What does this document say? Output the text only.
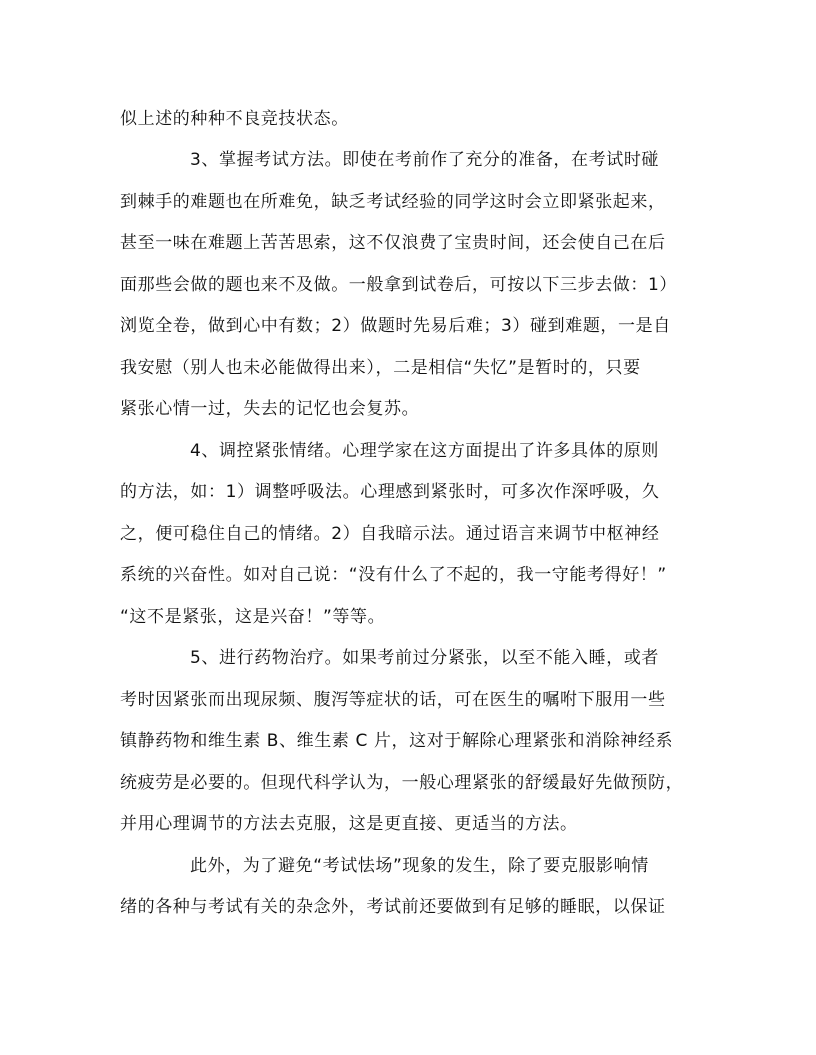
似上述的种种不良竞技状态。
3、掌握考试方法。即使在考前作了充分的准备，在考试时碰
到棘手的难题也在所难免，缺乏考试经验的同学这时会立即紧张起来，
甚至一味在难题上苦苦思索，这不仅浪费了宝贵时间，还会使自己在后
面那些会做的题也来不及做。一般拿到试卷后，可按以下三步去做：1）
浏览全卷，做到心中有数；2）做题时先易后难；3）碰到难题，一是自
我安慰（别人也未必能做得出来），二是相信“失忆”是暂时的，只要
紧张心情一过，失去的记忆也会复苏。
4、调控紧张情绪。心理学家在这方面提出了许多具体的原则
的方法，如：1）调整呼吸法。心理感到紧张时，可多次作深呼吸，久
之，便可稳住自己的情绪。2）自我暗示法。通过语言来调节中枢神经
系统的兴奋性。如对自己说：“没有什么了不起的，我一守能考得好！”
“这不是紧张，这是兴奋！”等等。
5、进行药物治疗。如果考前过分紧张，以至不能入睡，或者
考时因紧张而出现尿频、腹泻等症状的话，可在医生的嘱咐下服用一些
镇静药物和维生素 B、维生素 C 片，这对于解除心理紧张和消除神经系
统疲劳是必要的。但现代科学认为，一般心理紧张的舒缓最好先做预防，
并用心理调节的方法去克服，这是更直接、更适当的方法。
此外，为了避免“考试怯场”现象的发生，除了要克服影响情
绪的各种与考试有关的杂念外，考试前还要做到有足够的睡眠，以保证
